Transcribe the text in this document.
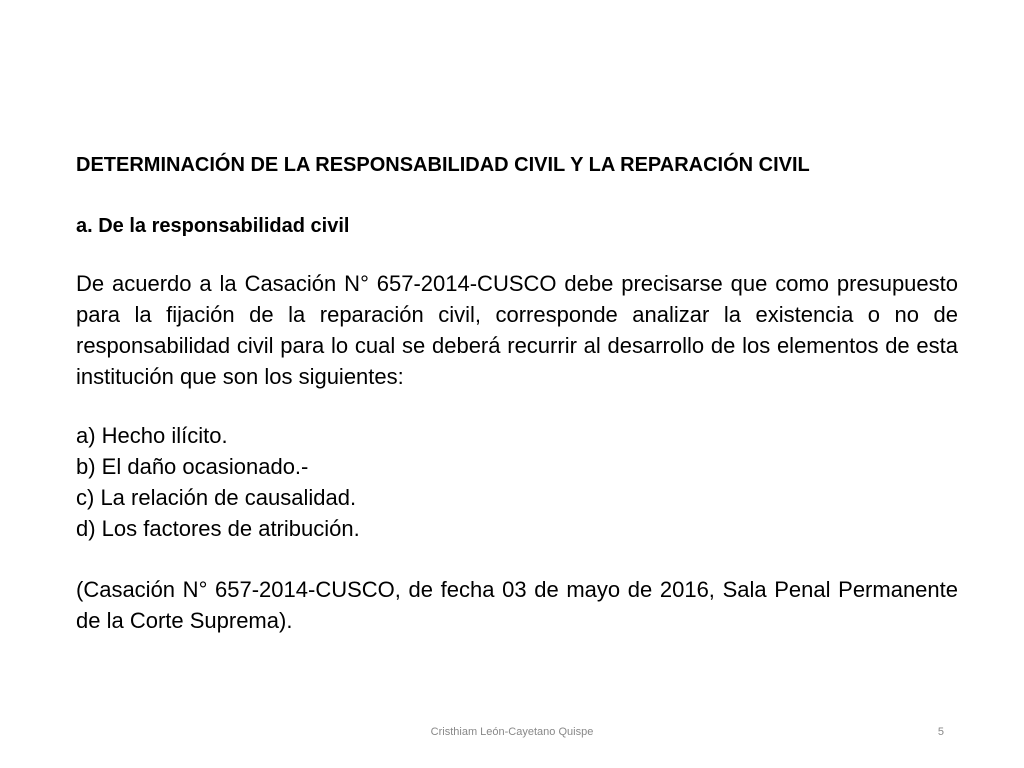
DETERMINACIÓN DE LA RESPONSABILIDAD CIVIL Y LA REPARACIÓN CIVIL

a. De la responsabilidad civil

De acuerdo a la Casación N° 657-2014-CUSCO debe precisarse que como presupuesto para la fijación de la reparación civil, corresponde analizar la existencia o no de responsabilidad civil para lo cual se deberá recurrir al desarrollo de los elementos de esta institución que son los siguientes:

a) Hecho ilícito.
b) El daño ocasionado.-
c) La relación de causalidad.
d) Los factores de atribución.

(Casación N° 657-2014-CUSCO, de fecha 03 de mayo de 2016, Sala Penal Permanente de la Corte Suprema).

Cristhiam León-Cayetano Quispe	5
